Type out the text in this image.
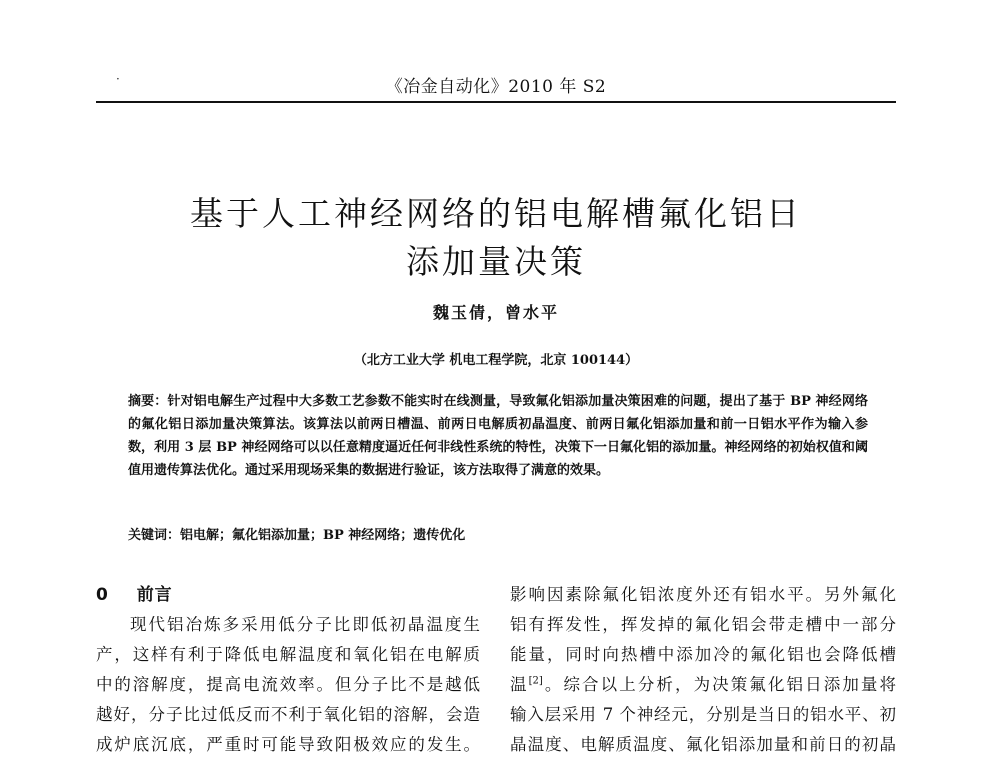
·	《冶金自动化》2010 年 S2
基于人工神经网络的铝电解槽氟化铝日
添加量决策
魏玉倩，曾水平
（北方工业大学 机电工程学院，北京 100144）
摘要：针对铝电解生产过程中大多数工艺参数不能实时在线测量，导致氟化铝添加量决策困难的问题，提出了基于 BP 神经网络的氟化铝日添加量决策算法。该算法以前两日槽温、前两日电解质初晶温度、前两日氟化铝添加量和前一日铝水平作为输入参数，利用 3 层 BP 神经网络可以以任意精度逼近任何非线性系统的特性，决策下一日氟化铝的添加量。神经网络的初始权值和阈值用遗传算法优化。通过采用现场采集的数据进行验证，该方法取得了满意的效果。
关键词：铝电解；氟化铝添加量；BP 神经网络；遗传优化
0 前言
现代铝冶炼多采用低分子比即低初晶温度生
产，这样有利于降低电解温度和氧化铝在电解质
中的溶解度，提高电流效率。但分子比不是越低
越好，分子比过低反而不利于氧化铝的溶解，会造
成炉底沉底，严重时可能导致阳极效应的发生。
影响因素除氟化铝浓度外还有铝水平。另外氟化
铝有挥发性，挥发掉的氟化铝会带走槽中一部分
能量，同时向热槽中添加冷的氟化铝也会降低槽
温[2]。综合以上分析，为决策氟化铝日添加量将
输入层采用 7 个神经元，分别是当日的铝水平、初
晶温度、电解质温度、氟化铝添加量和前日的初晶
